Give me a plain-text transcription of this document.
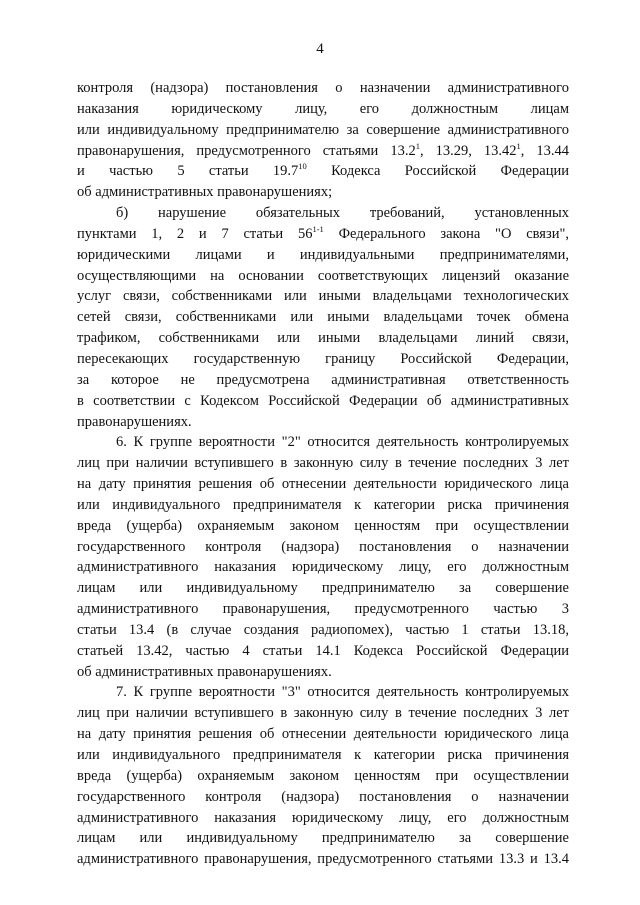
4
контроля (надзора) постановления о назначении административного
наказания юридическому лицу, его должностным лицам
или индивидуальному предпринимателю за совершение административного
правонарушения, предусмотренного статьями 13.2$^1$, 13.29, 13.42$^1$, 13.44
и частью 5 статьи 19.7$^{10}$ Кодекса Российской Федерации
об административных правонарушениях;
б) нарушение обязательных требований, установленных
пунктами 1, 2 и 7 статьи 56$^{1-1}$ Федерального закона "О связи",
юридическими лицами и индивидуальными предпринимателями,
осуществляющими на основании соответствующих лицензий оказание
услуг связи, собственниками или иными владельцами технологических
сетей связи, собственниками или иными владельцами точек обмена
трафиком, собственниками или иными владельцами линий связи,
пересекающих государственную границу Российской Федерации,
за которое не предусмотрена административная ответственность
в соответствии с Кодексом Российской Федерации об административных
правонарушениях.
6. К группе вероятности "2" относится деятельность контролируемых
лиц при наличии вступившего в законную силу в течение последних 3 лет
на дату принятия решения об отнесении деятельности юридического лица
или индивидуального предпринимателя к категории риска причинения
вреда (ущерба) охраняемым законом ценностям при осуществлении
государственного контроля (надзора) постановления о назначении
административного наказания юридическому лицу, его должностным
лицам или индивидуальному предпринимателю за совершение
административного правонарушения, предусмотренного частью 3
статьи 13.4 (в случае создания радиопомех), частью 1 статьи 13.18,
статьей 13.42, частью 4 статьи 14.1 Кодекса Российской Федерации
об административных правонарушениях.
7. К группе вероятности "3" относится деятельность контролируемых
лиц при наличии вступившего в законную силу в течение последних 3 лет
на дату принятия решения об отнесении деятельности юридического лица
или индивидуального предпринимателя к категории риска причинения
вреда (ущерба) охраняемым законом ценностям при осуществлении
государственного контроля (надзора) постановления о назначении
административного наказания юридическому лицу, его должностным
лицам или индивидуальному предпринимателю за совершение
административного правонарушения, предусмотренного статьями 13.3 и 13.4
